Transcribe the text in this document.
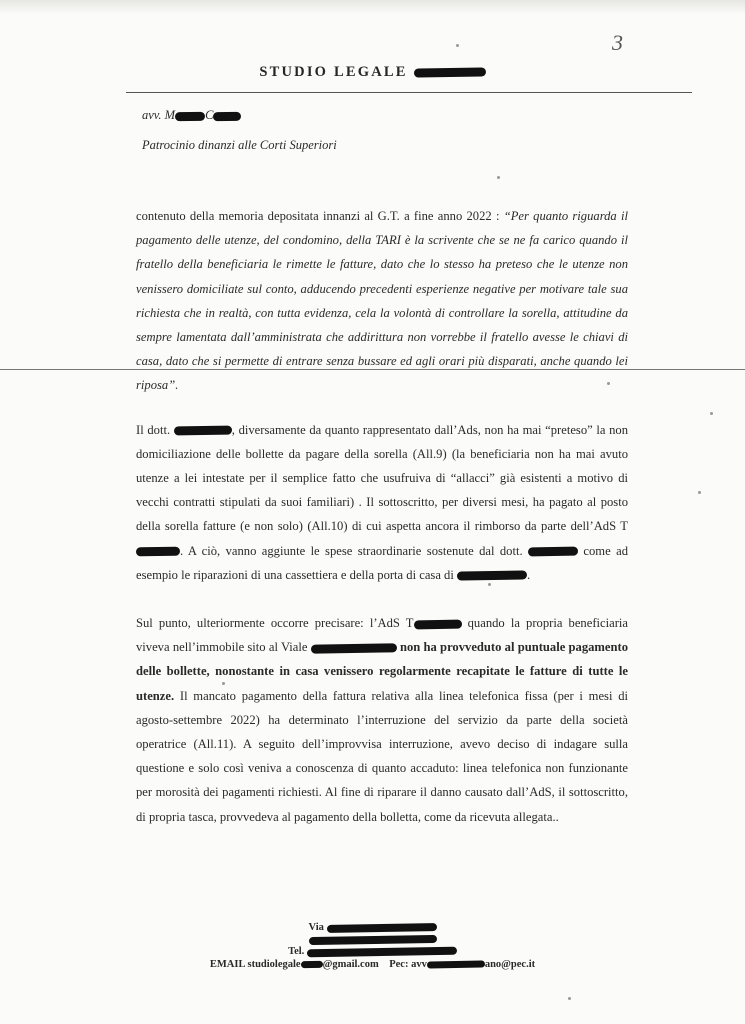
3
STUDIO LEGALE
avv. M C
Patrocinio dinanzi alle Corti Superiori

contenuto della memoria depositata innanzi al G.T. a fine anno 2022 : “Per quanto riguarda il pagamento delle utenze, del condomino, della TARI è la scrivente che se ne fa carico quando il fratello della beneficiaria le rimette le fatture, dato che lo stesso ha preteso che le utenze non venissero domiciliate sul conto, adducendo precedenti esperienze negative per motivare tale sua richiesta che in realtà, con tutta evidenza, cela la volontà di controllare la sorella, attitudine da sempre lamentata dall’amministrata che addirittura non vorrebbe il fratello avesse le chiavi di casa, dato che si permette di entrare senza bussare ed agli orari più disparati, anche quando lei riposa”.

Il dott.	, diversamente da quanto rappresentato dall’Ads, non ha mai “preteso” la non domiciliazione delle bollette da pagare della sorella (All.9) (la beneficiaria non ha mai avuto utenze a lei intestate per il semplice fatto che usufruiva di “allacci” già esistenti a motivo di vecchi contratti stipulati da suoi familiari) . Il sottoscritto, per diversi mesi, ha pagato al posto della sorella fatture (e non solo) (All.10) di cui aspetta ancora il rimborso da parte dell’AdS T. A ciò, vanno aggiunte le spese straordinarie sostenute dal dott.	come ad esempio le riparazioni di una cassettiera e della porta di casa di	.

Sul punto, ulteriormente occorre precisare: l’AdS T	quando la propria beneficiaria viveva nell’immobile sito al Viale	non ha provveduto al puntuale pagamento delle bollette, nonostante in casa venissero regolarmente recapitate le fatture di tutte le utenze. Il mancato pagamento della fattura relativa alla linea telefonica fissa (per i mesi di agosto-settembre 2022) ha determinato l’interruzione del servizio da parte della società operatrice (All.11). A seguito dell’improvvisa interruzione, avevo deciso di indagare sulla questione e solo così veniva a conoscenza di quanto accaduto: linea telefonica non funzionante per morosità dei pagamenti richiesti. Al fine di riparare il danno causato dall’AdS, il sottoscritto, di propria tasca, provvedeva al pagamento della bolletta, come da ricevuta allegata..

Via
Tel.
EMAIL studiolegale @gmail.com Pec: avv	ano@pec.it
